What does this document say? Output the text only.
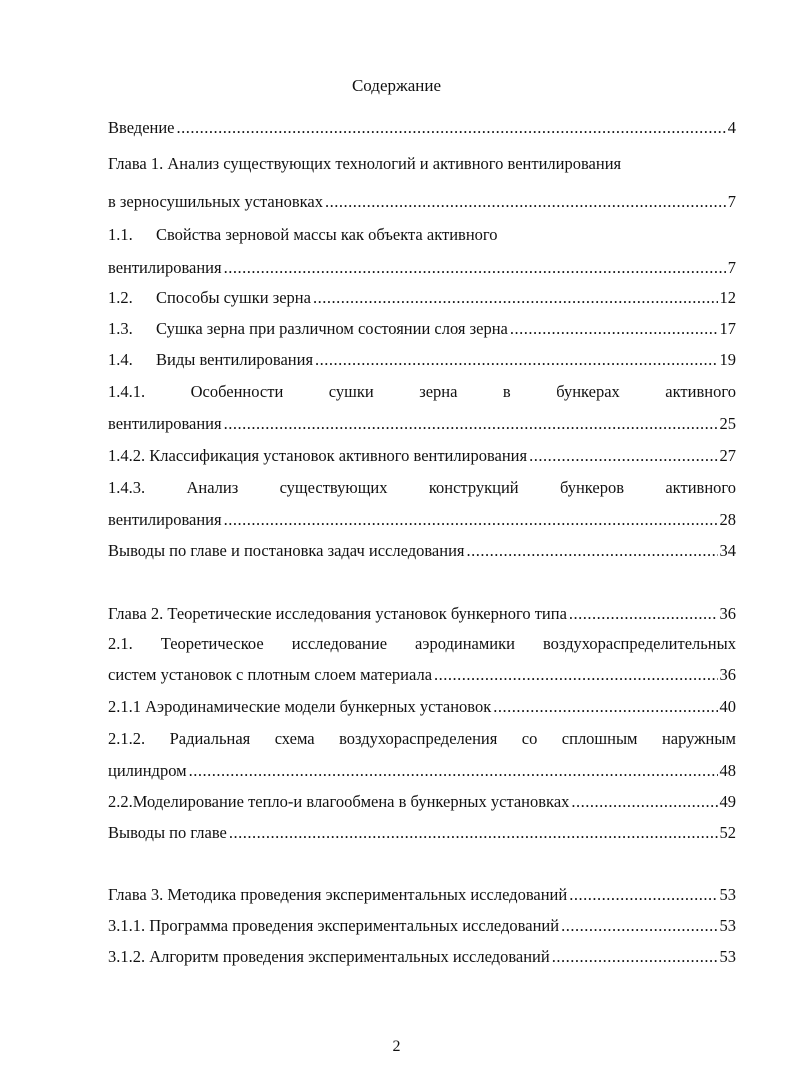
Содержание
Введение .....	4
Глава 1. Анализ существующих технологий и активного вентилирования
в зерносушильных установках .....	7
1.1. Свойства зерновой массы как объекта активного
вентилирования .....	7
1.2. Способы сушки зерна .....	12
1.3. Сушка зерна при различном состоянии слоя зерна .....	17
1.4. Виды вентилирования .....	19
1.4.1.	Особенности	сушки	зерна	в	бункерах	активного
вентилирования .....	25
1.4.2. Классификация установок активного вентилирования .....	27
1.4.3.	Анализ	существующих	конструкций	бункеров	активного
вентилирования .....	28
Выводы по главе и постановка задач исследования .....	34
Глава 2. Теоретические исследования установок бункерного типа .....	36
2.1. Теоретическое исследование аэродинамики воздухораспределительных
систем установок с плотным слоем материала .....	36
2.1.1 Аэродинамические модели бункерных установок .....	40
2.1.2. Радиальная схема воздухораспределения со сплошным наружным
цилиндром .....	48
2.2.Моделирование тепло-и влагообмена в бункерных установках .....	49
Выводы по главе .....	52
Глава 3. Методика проведения экспериментальных исследований .....	53
3.1.1. Программа проведения экспериментальных исследований .....	53
3.1.2. Алгоритм проведения экспериментальных исследований .....	53
2
